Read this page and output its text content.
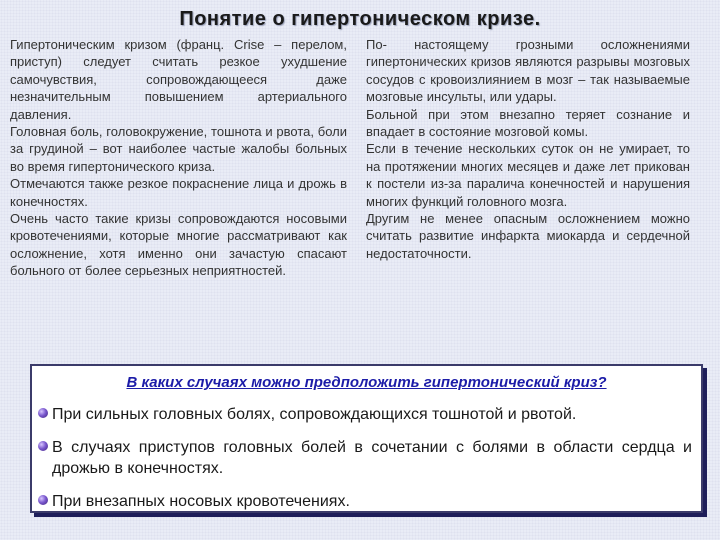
Понятие о гипертоническом кризе.

Гипертоническим кризом (франц. Crise – перелом, приступ) следует считать резкое ухудшение самочувствия, сопровождающееся даже незначительным повышением артериального давления.

Головная боль, головокружение, тошнота и рвота, боли за грудиной – вот наиболее частые жалобы больных во время гипертонического криза.

Отмечаются также резкое покраснение лица и дрожь в конечностях.

Очень часто такие кризы сопровождаются носовыми кровотечениями, которые многие рассматривают как осложнение, хотя именно они зачастую спасают больного от более серьезных неприятностей.

По- настоящему грозными осложнениями гипертонических кризов являются разрывы мозговых сосудов с кровоизлиянием в мозг – так называемые мозговые инсульты, или удары.

Больной при этом внезапно теряет сознание и впадает в состояние мозговой комы.

Если в течение нескольких суток он не умирает, то на протяжении многих месяцев и даже лет прикован к постели из-за паралича конечностей и нарушения многих функций головного мозга.

Другим не менее опасным осложнением можно считать развитие инфаркта миокарда и сердечной недостаточности.

В каких случаях можно предположить гипертонический криз?
При сильных головных болях, сопровождающихся тошнотой и рвотой.
В случаях приступов головных болей в сочетании с болями в области сердца и дрожью в конечностях.
При внезапных носовых кровотечениях.
